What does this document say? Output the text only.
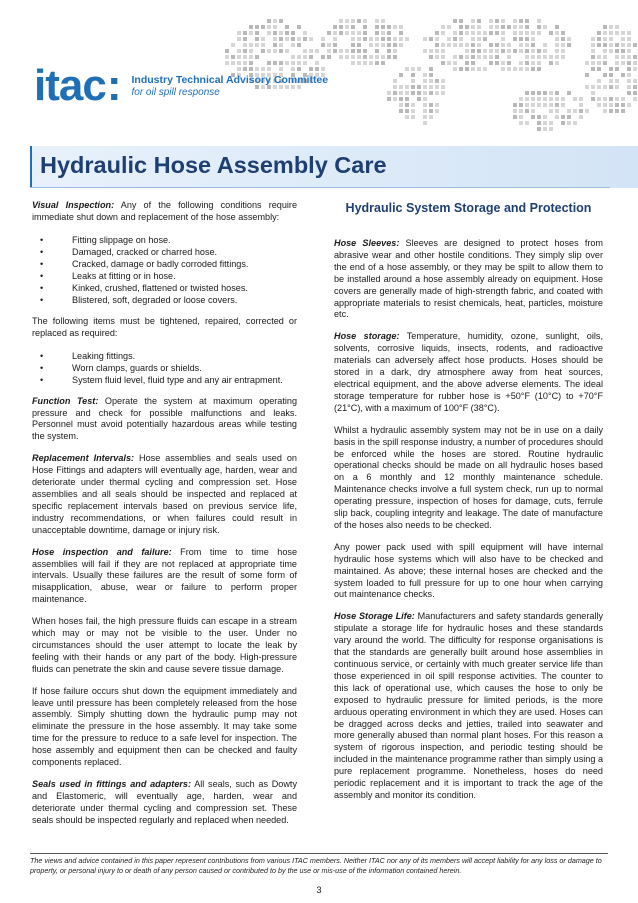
itac : Industry Technical Advisory Committee
for oil spill response
Hydraulic Hose Assembly Care

Visual Inspection: Any of the following conditions require immediate shut down and replacement of the hose assembly:

• Fitting slippage on hose.
• Damaged, cracked or charred hose.
• Cracked, damage or badly corroded fittings.
• Leaks at fitting or in hose.
• Kinked, crushed, flattened or twisted hoses.
• Blistered, soft, degraded or loose covers.

The following items must be tightened, repaired, corrected or replaced as required:

• Leaking fittings.
• Worn clamps, guards or shields.
• System fluid level, fluid type and any air entrapment.

Function Test: Operate the system at maximum operating pressure and check for possible malfunctions and leaks. Personnel must avoid potentially hazardous areas while testing the system.

Replacement Intervals: Hose assemblies and seals used on Hose Fittings and adapters will eventually age, harden, wear and deteriorate under thermal cycling and compression set. Hose assemblies and all seals should be inspected and replaced at specific replacement intervals based on previous service life, industry recommendations, or when failures could result in unacceptable downtime, damage or injury risk.

Hose inspection and failure: From time to time hose assemblies will fail if they are not replaced at appropriate time intervals. Usually these failures are the result of some form of misapplication, abuse, wear or failure to perform proper maintenance.

When hoses fail, the high pressure fluids can escape in a stream which may or may not be visible to the user. Under no circumstances should the user attempt to locate the leak by feeling with their hands or any part of the body. High-pressure fluids can penetrate the skin and cause severe tissue damage.

If hose failure occurs shut down the equipment immediately and leave until pressure has been completely released from the hose assembly. Simply shutting down the hydraulic pump may not eliminate the pressure in the hose assembly. It may take some time for the pressure to reduce to a safe level for inspection. The hose assembly and equipment then can be checked and faulty components replaced.

Seals used in fittings and adapters: All seals, such as Dowty and Elastomeric, will eventually age, harden, wear and deteriorate under thermal cycling and compression set. These seals should be inspected regularly and replaced when needed.

Hydraulic System Storage and Protection

Hose Sleeves: Sleeves are designed to protect hoses from abrasive wear and other hostile conditions. They simply slip over the end of a hose assembly, or they may be spilt to allow them to be installed around a hose assembly already on equipment. Hose covers are generally made of high-strength fabric, and coated with appropriate materials to resist chemicals, heat, particles, moisture etc.

Hose storage: Temperature, humidity, ozone, sunlight, oils, solvents, corrosive liquids, insects, rodents, and radioactive materials can adversely affect hose products. Hoses should be stored in a dark, dry atmosphere away from heat sources, electrical equipment, and the above adverse elements. The ideal storage temperature for rubber hose is +50°F (10°C) to +70°F (21°C), with a maximum of 100°F (38°C).

Whilst a hydraulic assembly system may not be in use on a daily basis in the spill response industry, a number of procedures should be enforced while the hoses are stored. Routine hydraulic operational checks should be made on all hydraulic hoses based on a 6 monthly and 12 monthly maintenance schedule. Maintenance checks involve a full system check, run up to normal operating pressure, inspection of hoses for damage, cuts, ferrule slip back, coupling integrity and leakage. The date of manufacture of the hoses also needs to be checked.

Any power pack used with spill equipment will have internal hydraulic hose systems which will also have to be checked and maintained. As above; these internal hoses are checked and the system loaded to full pressure for up to one hour when carrying out maintenance checks.

Hose Storage Life: Manufacturers and safety standards generally stipulate a storage life for hydraulic hoses and these standards vary around the world. The difficulty for response organisations is that the standards are generally built around hose assemblies in continuous service, or certainly with much greater service life than those experienced in oil spill response activities. The counter to this lack of operational use, which causes the hose to only be exposed to hydraulic pressure for limited periods, is the more arduous operating environment in which they are used. Hoses can be dragged across decks and jetties, trailed into seawater and more generally abused than normal plant hoses. For this reason a system of rigorous inspection, and periodic testing should be included in the maintenance programme rather than simply using a pure replacement programme. Nonetheless, hoses do need periodic replacement and it is important to track the age of the assembly and monitor its condition.

The views and advice contained in this paper represent contributions from various ITAC members. Neither ITAC nor any of its members will accept liability for any loss or damage to property, or personal injury to or death of any person caused or contributed to by the use or mis-use of the information contained herein.
3
